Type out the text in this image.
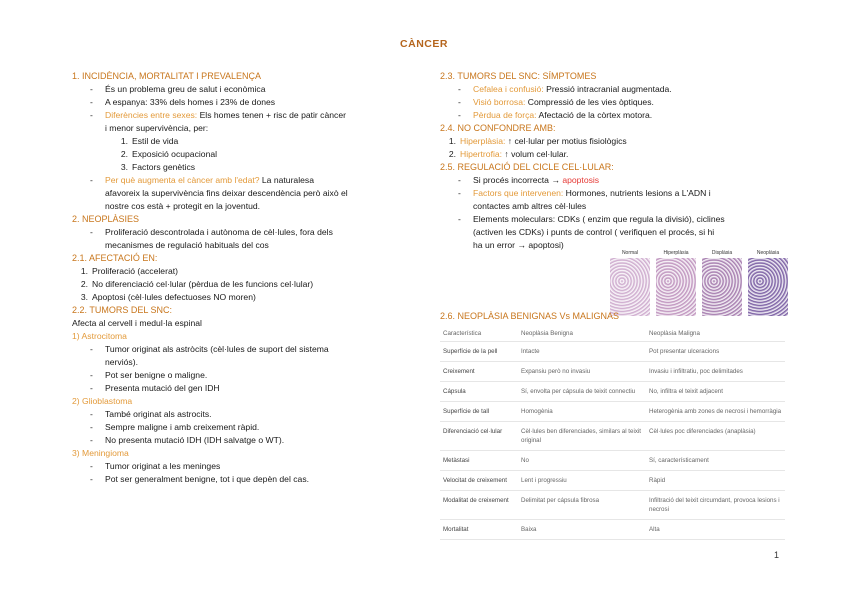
CÀNCER
1. INCIDÈNCIA, MORTALITAT I PREVALENÇA
- És un problema greu de salut i econòmica
- A espanya: 33% dels homes i 23% de dones
- Diferències entre sexes: Els homes tenen + risc de patir càncer
i menor supervivència, per:
1. Estil de vida
2. Exposició ocupacional
3. Factors genètics
- Per què augmenta el càncer amb l'edat? La naturalesa
afavoreix la supervivència fins deixar descendència però això el
nostre cos està + protegit en la joventud.
2. NEOPLÀSIES
- Proliferació descontrolada i autònoma de cèl·lules, fora dels
mecanismes de regulació habituals del cos
2.1. AFECTACIÓ EN:
1. Proliferació (accelerat)
2. No diferenciació cel·lular (pèrdua de les funcions cel·lular)
3. Apoptosi (cèl·lules defectuoses NO moren)
2.2. TUMORS DEL SNC:
Afecta al cervell i medul·la espinal
1) Astrocitoma
- Tumor originat als astròcits (cèl·lules de suport del sistema
nerviós).
- Pot ser benigne o maligne.
- Presenta mutació del gen IDH
2) Glioblastoma
- També originat als astrocits.
- Sempre maligne i amb creixement ràpid.
- No presenta mutació IDH (IDH salvatge o WT).
3) Meningioma
- Tumor originat a les meninges
- Pot ser generalment benigne, tot i que depèn del cas.
2.3. TUMORS DEL SNC: SÍMPTOMES
- Cefalea i confusió: Pressió intracranial augmentada.
- Visió borrosa: Compressió de les vies òptiques.
- Pèrdua de força: Afectació de la còrtex motora.
2.4. NO CONFONDRE AMB:
1. Hiperplàsia: ↑ cel·lular per motius fisiològics
2. Hipertrofia: ↑ volum cel·lular.
2.5. REGULACIÓ DEL CICLE CEL·LULAR:
- Si procés incorrecta → apoptosis
- Factors que intervenen: Hormones, nutrients lesions a L'ADN i
contactes amb altres cèl·lules
- Elements moleculars: CDKs ( enzim que regula la divisió), ciclines
(activen les CDKs) i punts de control ( verifiquen el procés, si hi
ha un error → apoptosi)
Normal	Hiperplàsia	Displàsia	Neoplàsia
2.6. NEOPLÀSIA BENIGNAS Vs MALIGNAS
Característica	Neoplàsia Benigna	Neoplàsia Maligna
Superfície de la pell	Intacte	Pot presentar ulceracions
Creixement	Expansiu però no invasiu	Invasiu i infiltratiu, poc delimitades
Cápsula	Sí, envolta per cápsula de teixit connectiu	No, infiltra el teixit adjacent
Superfície de tall	Homogènia	Heterogènia amb zones de necrosi i hemorràgia
Diferenciació cel·lular	Cèl·lules ben diferenciades, similars al teixit original	Cèl·lules poc diferenciades (anaplàsia)
Metàstasi	No	Sí, característicament
Velocitat de creixement	Lent i progressiu	Ràpid
Modalitat de creixement	Delimitat per cápsula fibrosa	Infiltració del teixit circumdant, provoca lesions i necrosi
Mortalitat	Baixa	Alta
1
